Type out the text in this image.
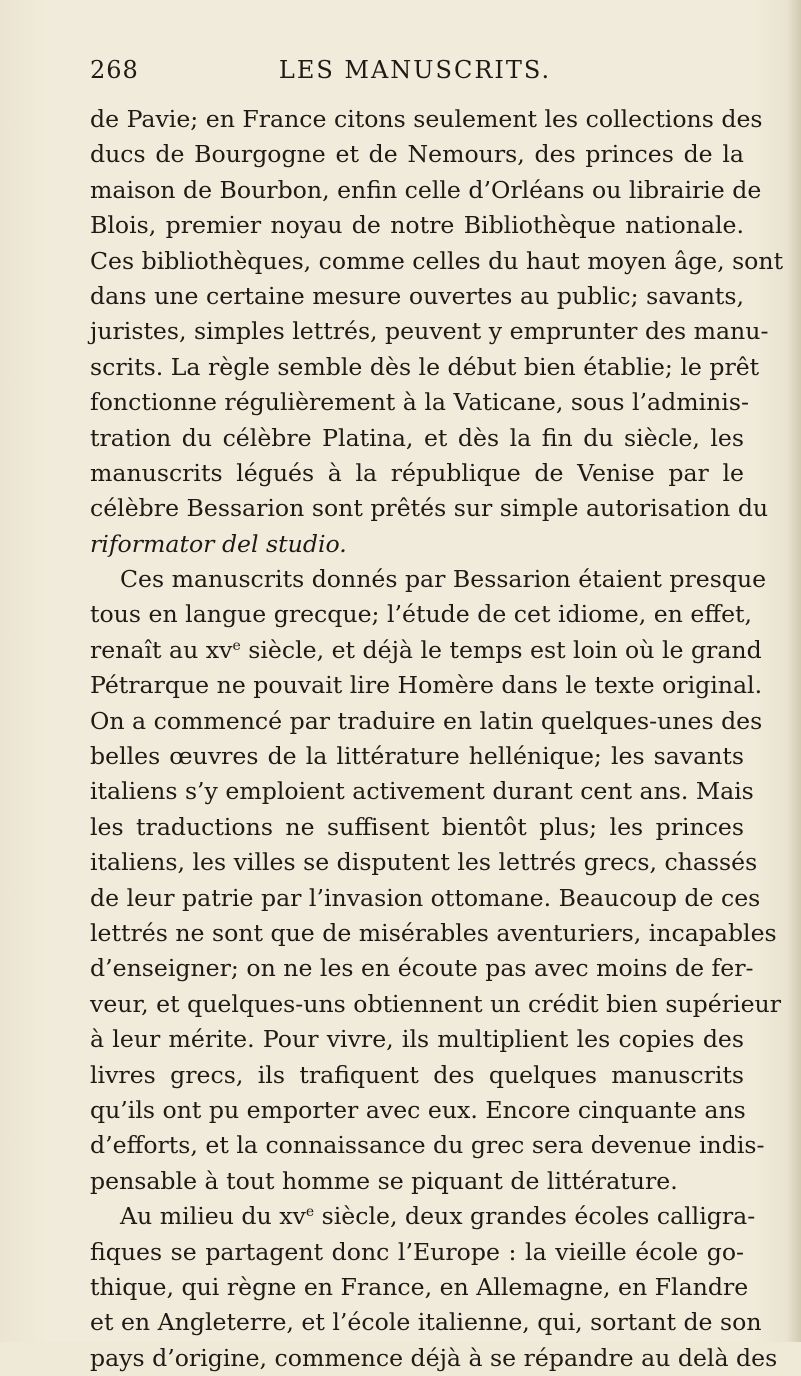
268	LES MANUSCRITS.
de Pavie; en France citons seulement les collections des
ducs de Bourgogne et de Nemours, des princes de la
maison de Bourbon, enfin celle d’Orléans ou librairie de
Blois, premier noyau de notre Bibliothèque nationale.
Ces bibliothèques, comme celles du haut moyen âge, sont
dans une certaine mesure ouvertes au public; savants,
juristes, simples lettrés, peuvent y emprunter des manu-
scrits. La règle semble dès le début bien établie; le prêt
fonctionne régulièrement à la Vaticane, sous l’adminis-
tration du célèbre Platina, et dès la fin du siècle, les
manuscrits légués à la république de Venise par le
célèbre Bessarion sont prêtés sur simple autorisation du
riformator del studio.
Ces manuscrits donnés par Bessarion étaient presque
tous en langue grecque; l’étude de cet idiome, en effet,
renaît au $xv^e$ siècle, et déjà le temps est loin où le grand
Pétrarque ne pouvait lire Homère dans le texte original.
On a commencé par traduire en latin quelques-unes des
belles œuvres de la littérature hellénique; les savants
italiens s’y emploient activement durant cent ans. Mais
les traductions ne suffisent bientôt plus; les princes
italiens, les villes se disputent les lettrés grecs, chassés
de leur patrie par l’invasion ottomane. Beaucoup de ces
lettrés ne sont que de misérables aventuriers, incapables
d’enseigner; on ne les en écoute pas avec moins de fer-
veur, et quelques-uns obtiennent un crédit bien supérieur
à leur mérite. Pour vivre, ils multiplient les copies des
livres grecs, ils trafiquent des quelques manuscrits
qu’ils ont pu emporter avec eux. Encore cinquante ans
d’efforts, et la connaissance du grec sera devenue indis-
pensable à tout homme se piquant de littérature.
Au milieu du $xv^e$ siècle, deux grandes écoles calligra-
fiques se partagent donc l’Europe : la vieille école go-
thique, qui règne en France, en Allemagne, en Flandre
et en Angleterre, et l’école italienne, qui, sortant de son
pays d’origine, commence déjà à se répandre au delà des
